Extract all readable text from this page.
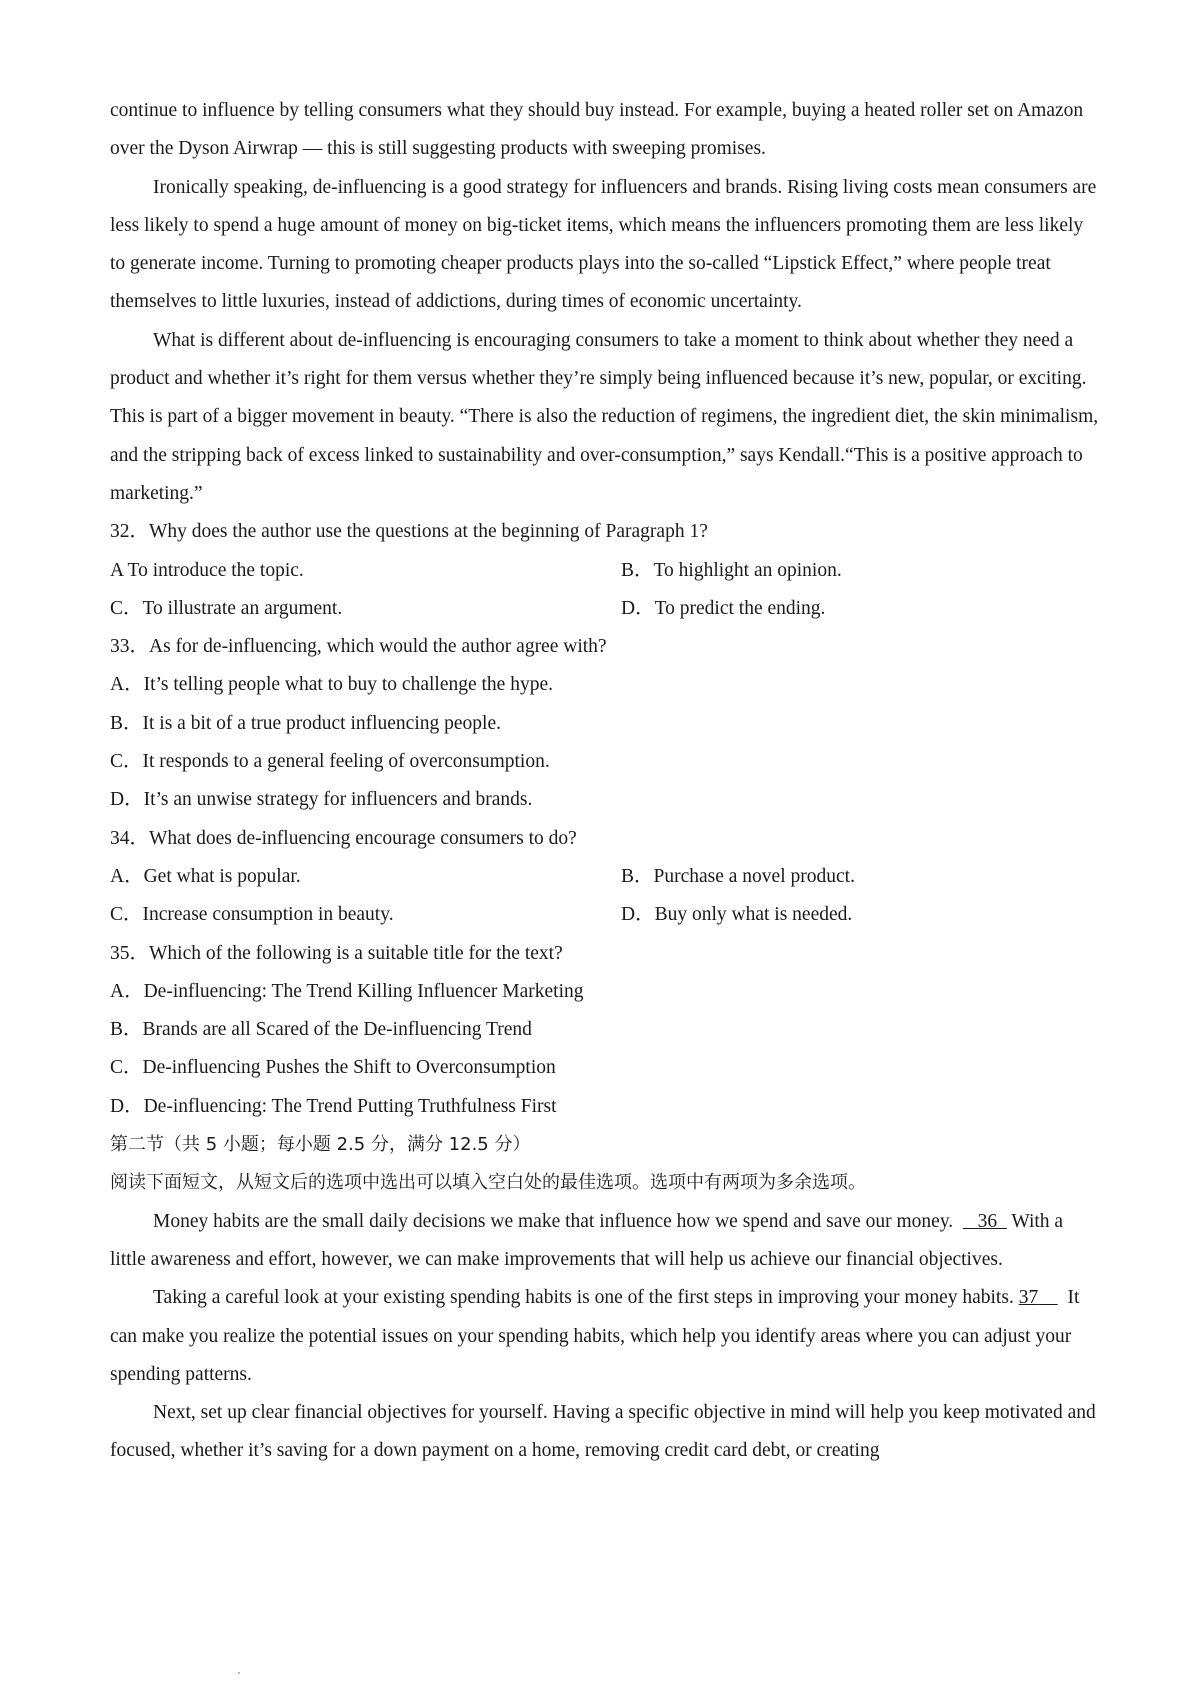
continue to influence by telling consumers what they should buy instead. For example, buying a heated roller set on Amazon over the Dyson Airwrap — this is still suggesting products with sweeping promises.

Ironically speaking, de-influencing is a good strategy for influencers and brands. Rising living costs mean consumers are less likely to spend a huge amount of money on big-ticket items, which means the influencers promoting them are less likely to generate income. Turning to promoting cheaper products plays into the so-called “Lipstick Effect,” where people treat themselves to little luxuries, instead of addictions, during times of economic uncertainty.

What is different about de-influencing is encouraging consumers to take a moment to think about whether they need a product and whether it’s right for them versus whether they’re simply being influenced because it’s new, popular, or exciting. This is part of a bigger movement in beauty. “There is also the reduction of regimens, the ingredient diet, the skin minimalism, and the stripping back of excess linked to sustainability and over-consumption,” says Kendall.“This is a positive approach to marketing.”

32．Why does the author use the questions at the beginning of Paragraph 1?

A To introduce the topic.	B．To highlight an opinion.
C．To illustrate an argument.	D．To predict the ending.

33．As for de-influencing, which would the author agree with?

A．It’s telling people what to buy to challenge the hype.
B．It is a bit of a true product influencing people.
C．It responds to a general feeling of overconsumption.
D．It’s an unwise strategy for influencers and brands.

34．What does de-influencing encourage consumers to do?

A．Get what is popular.	B．Purchase a novel product.
C．Increase consumption in beauty.	D．Buy only what is needed.

35．Which of the following is a suitable title for the text?

A．De-influencing: The Trend Killing Influencer Marketing
B．Brands are all Scared of the De-influencing Trend
C．De-influencing Pushes the Shift to Overconsumption
D．De-influencing: The Trend Putting Truthfulness First

第二节（共 5 小题；每小题 2.5 分，满分 12.5 分）

阅读下面短文，从短文后的选项中选出可以填入空白处的最佳选项。选项中有两项为多余选项。

Money habits are the small daily decisions we make that influence how we spend and save our money. 36 With a little awareness and effort, however, we can make improvements that will help us achieve our financial objectives.

Taking a careful look at your existing spending habits is one of the first steps in improving your money habits. 37 It can make you realize the potential issues on your spending habits, which help you identify areas where you can adjust your spending patterns.

Next, set up clear financial objectives for yourself. Having a specific objective in mind will help you keep motivated and focused, whether it’s saving for a down payment on a home, removing credit card debt, or creating
